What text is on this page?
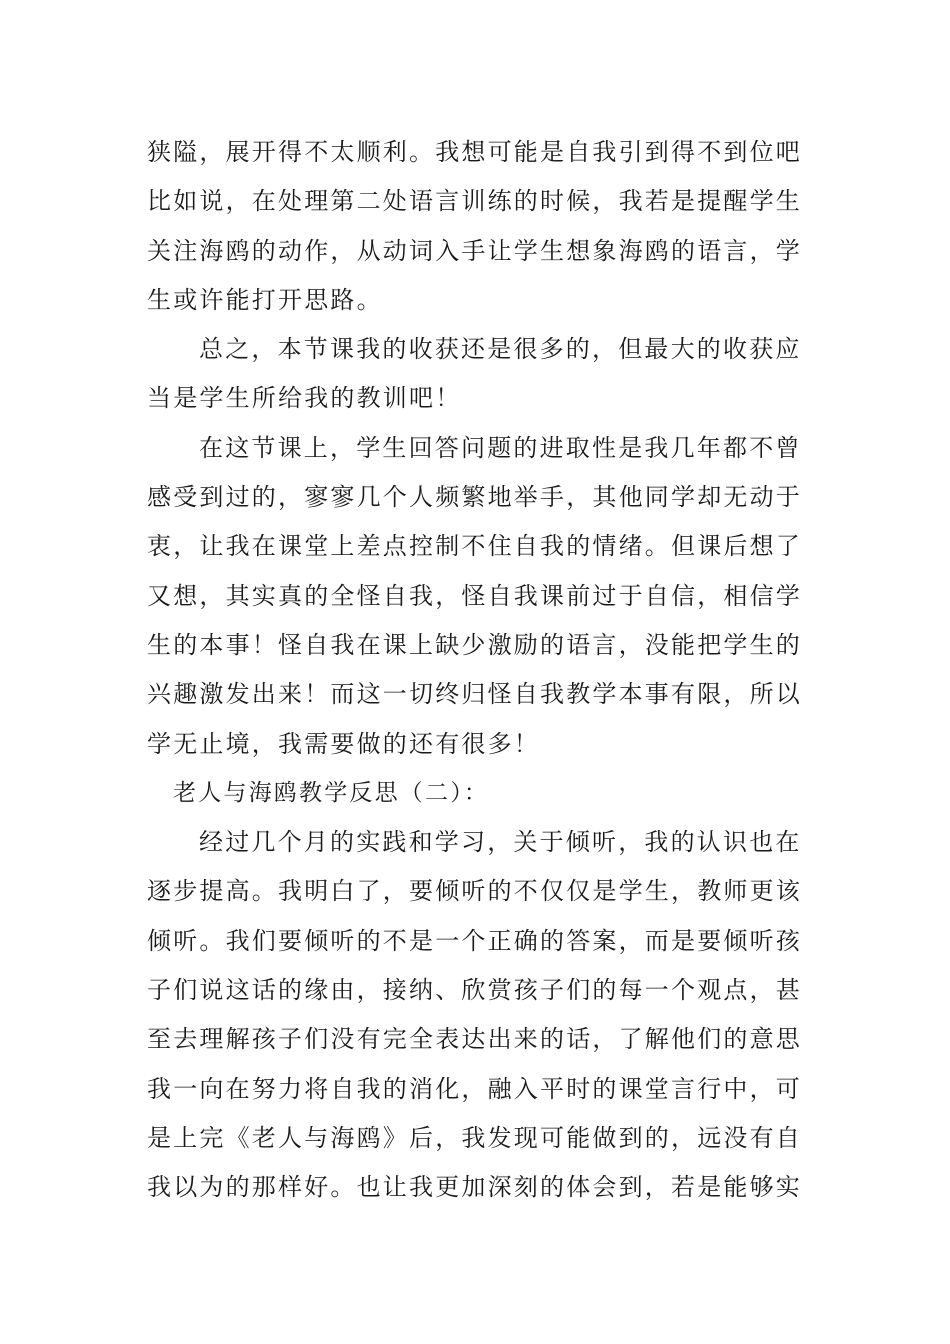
狭隘，展开得不太顺利。我想可能是自我引到得不到位吧
比如说，在处理第二处语言训练的时候，我若是提醒学生
关注海鸥的动作，从动词入手让学生想象海鸥的语言，学
生或许能打开思路。
总之，本节课我的收获还是很多的，但最大的收获应
当是学生所给我的教训吧！
在这节课上，学生回答问题的进取性是我几年都不曾
感受到过的，寥寥几个人频繁地举手，其他同学却无动于
衷，让我在课堂上差点控制不住自我的情绪。但课后想了
又想，其实真的全怪自我，怪自我课前过于自信，相信学
生的本事！怪自我在课上缺少激励的语言，没能把学生的
兴趣激发出来！而这一切终归怪自我教学本事有限，所以
学无止境，我需要做的还有很多！
老人与海鸥教学反思（二）：
经过几个月的实践和学习，关于倾听，我的认识也在
逐步提高。我明白了，要倾听的不仅仅是学生，教师更该
倾听。我们要倾听的不是一个正确的答案，而是要倾听孩
子们说这话的缘由，接纳、欣赏孩子们的每一个观点，甚
至去理解孩子们没有完全表达出来的话，了解他们的意思
我一向在努力将自我的消化，融入平时的课堂言行中，可
是上完《老人与海鸥》后，我发现可能做到的，远没有自
我以为的那样好。也让我更加深刻的体会到，若是能够实
